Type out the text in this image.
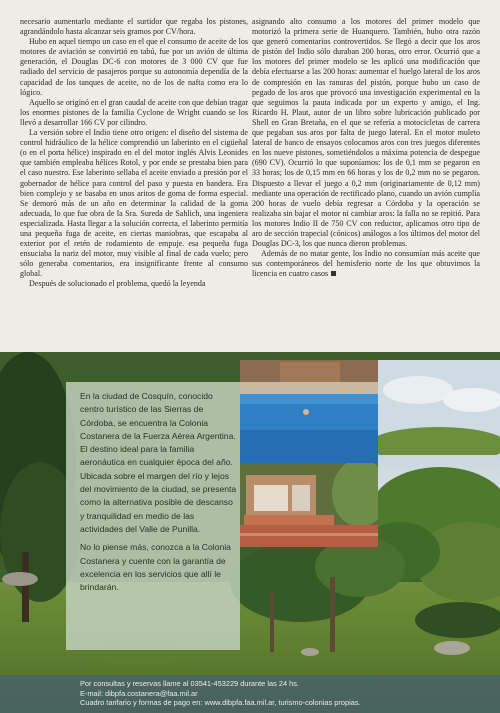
necesario aumentarlo mediante el surtidor que regaba los pistones, agrandándolo hasta alcanzar seis gramos por CV/hora.

Hubo en aquel tiempo un caso en el que el consumo de aceite de los motores de aviación se convirtió en tabú, fue por un avión de última generación, el Douglas DC-6 con motores de 3 000 CV que fue radiado del servicio de pasajeros porque su autonomía dependía de la capacidad de los tanques de aceite, no de los de nafta como era lo lógico.

Aquello se originó en el gran caudal de aceite con que debían tragar los enormes pistones de la familia Cyclone de Wright cuando se los llevó a desarrollar 166 CV por cilindro.

La versión sobre el Indio tiene otro origen: el diseño del sistema de control hidráulico de la hélice comprendió un laberinto en el cigüeñal (o en el porta hélice) inspirado en el del motor inglés Alvis Leonides que también empleaba hélices Rotol, y por ende se prestaba bien para el caso nuestro. Ese laberinto sellaba el aceite enviado a presión por el gobernador de hélice para control del paso y puesta en bandera. Era bien complejo y se basaba en unos aritos de goma de forma especial. Se demoró más de un año en determinar la calidad de la goma adecuada, lo que fue obra de la Sra. Sureda de Sahlich, una ingeniera especializada. Hasta llegar a la solución correcta, el laberinto permitía una pequeña fuga de aceite, en ciertas maniobras, que escapaba al exterior por el retén de rodamiento de empuje. esa pequeña fuga ensuciaba la nariz del motor, muy visible al final de cada vuelo; pero sólo generaba comentarios, era insignificante frente al consumo global.

Después de solucionado el problema, quedó la leyenda

asignando alto consumo a los motores del primer modelo que motorizó la primera serie de Huanquero. También, hubo otra razón que generó comentarios controvertidos. Se llegó a decir que los aros de pistón del Indio sólo duraban 200 horas, otro error. Ocurrió que a los motores del primer modelo se les aplicó una modificación que debía efectuarse a las 200 horas: aumentar el huelgo lateral de los aros de compresión en las ranuras del pistón, porque hubo un caso de pegado de los aros que provocó una investigación experimental en la que seguimos la pauta indicada por un experto y amigo, el Ing. Ricardo H. Plaut, autor de un libro sobre lubricación publicado por Shell en Gran Bretaña, en el que se refería a motocicletas de carrera que pegaban sus aros por falta de juego lateral. En el motor muleto lateral de banco de ensayos colocamos aros con tres juegos diferentes en los nueve pistones, sometiéndolos a máxima potencia de despegue (690 CV). Ocurrió lo que suponíamos: los de 0,1 mm se pegaron en 33 horas; los de 0,15 mm en 66 horas y los de 0,2 mm no se pegaron. Dispuesto a llevar el juego a 0,2 mm (originariamente de 0,12 mm) mediante una operación de rectificado plano, cuando un avión cumplía 200 horas de vuelo debía regresar a Córdoba y la operación se realizaba sin bajar el motor ni cambiar aros: la falla no se repitió. Para los motores Indio II de 750 CV con reductor, aplicamos otro tipo de aro de sección trapecial (cónicos) análogos a los últimos del motor del Douglas DC-3, los que nunca dieron problemas.

Además de no matar gente, los Indio no consumían más aceite que sus contemporáneos del hemisferio norte de los que obtuvimos la licencia en cuatro casos

En la ciudad de Cosquín, conocido centro turístico de las Sierras de Córdoba, se encuentra la Colonia Costanera de la Fuerza Aérea Argentina. El destino ideal para la familia aeronáutica en cualquier época del año. Ubicada sobre el margen del río y lejos del movimiento de la ciudad, se presenta como la alternativa posible de descanso y tranquilidad en medio de las actividades del Valle de Punilla.

No lo piense más, conozca a la Colonia Costanera y cuente con la garantía de excelencia en los servicios que allí le brindarán.

Por consultas y reservas llame al 03541-453229 durante las 24 hs.
E-mail: dibpfa.costanera@faa.mil.ar
Cuadro tarifario y formas de pago en: www.dibpfa.faa.mil.ar, turismo-colonias propias.
